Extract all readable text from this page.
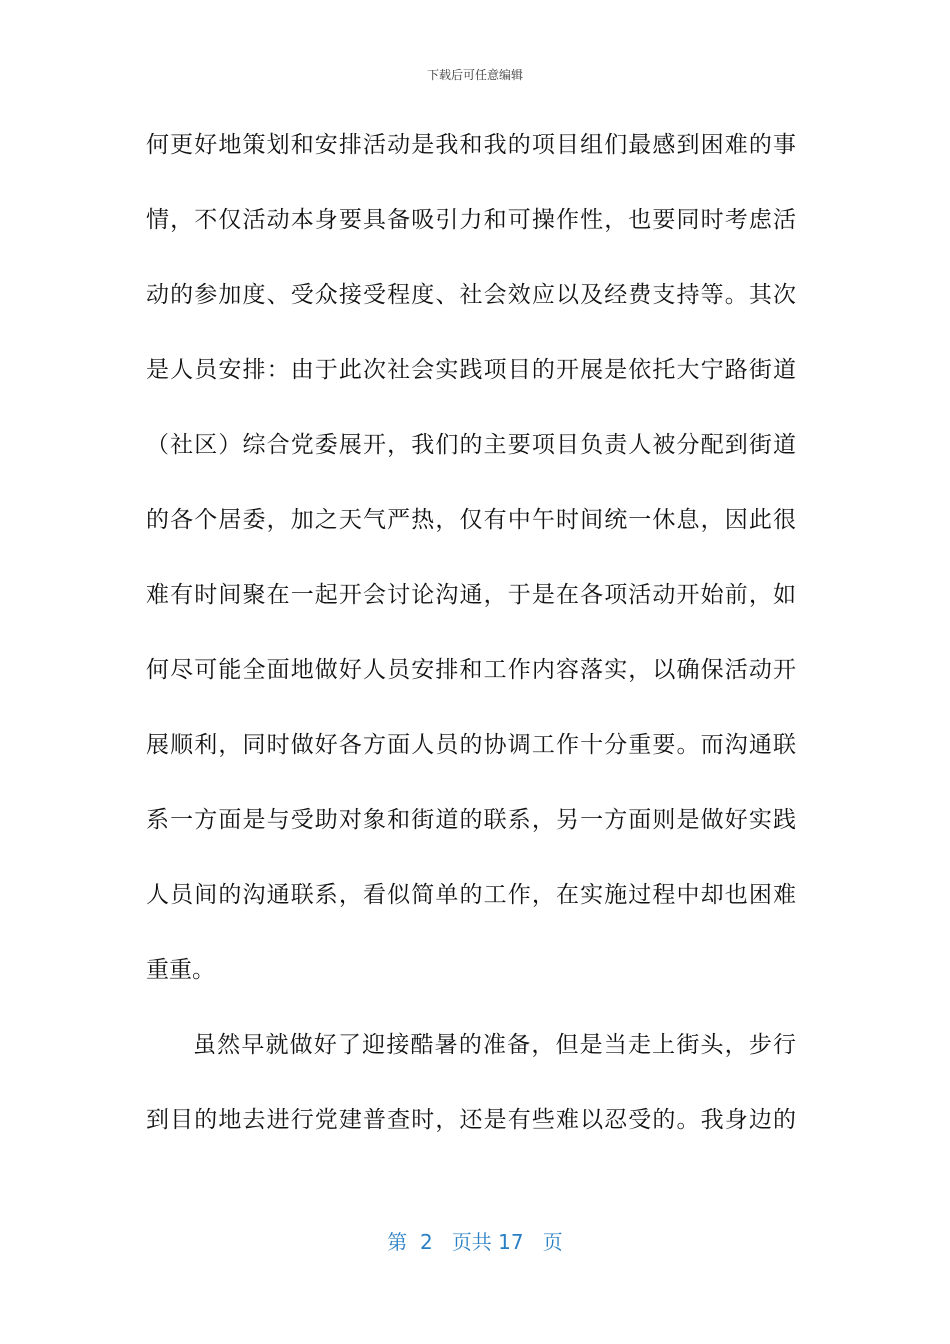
下载后可任意编辑
何更好地策划和安排活动是我和我的项目组们最感到困难的事
情，不仅活动本身要具备吸引力和可操作性，也要同时考虑活
动的参加度、受众接受程度、社会效应以及经费支持等。其次
是人员安排：由于此次社会实践项目的开展是依托大宁路街道
（社区）综合党委展开，我们的主要项目负责人被分配到街道
的各个居委，加之天气严热，仅有中午时间统一休息，因此很
难有时间聚在一起开会讨论沟通，于是在各项活动开始前，如
何尽可能全面地做好人员安排和工作内容落实，以确保活动开
展顺利，同时做好各方面人员的协调工作十分重要。而沟通联
系一方面是与受助对象和街道的联系，另一方面则是做好实践
人员间的沟通联系，看似简单的工作，在实施过程中却也困难
重重。
虽然早就做好了迎接酷暑的准备，但是当走上街头，步行
到目的地去进行党建普查时，还是有些难以忍受的。我身边的
第 2 页共 17 页
